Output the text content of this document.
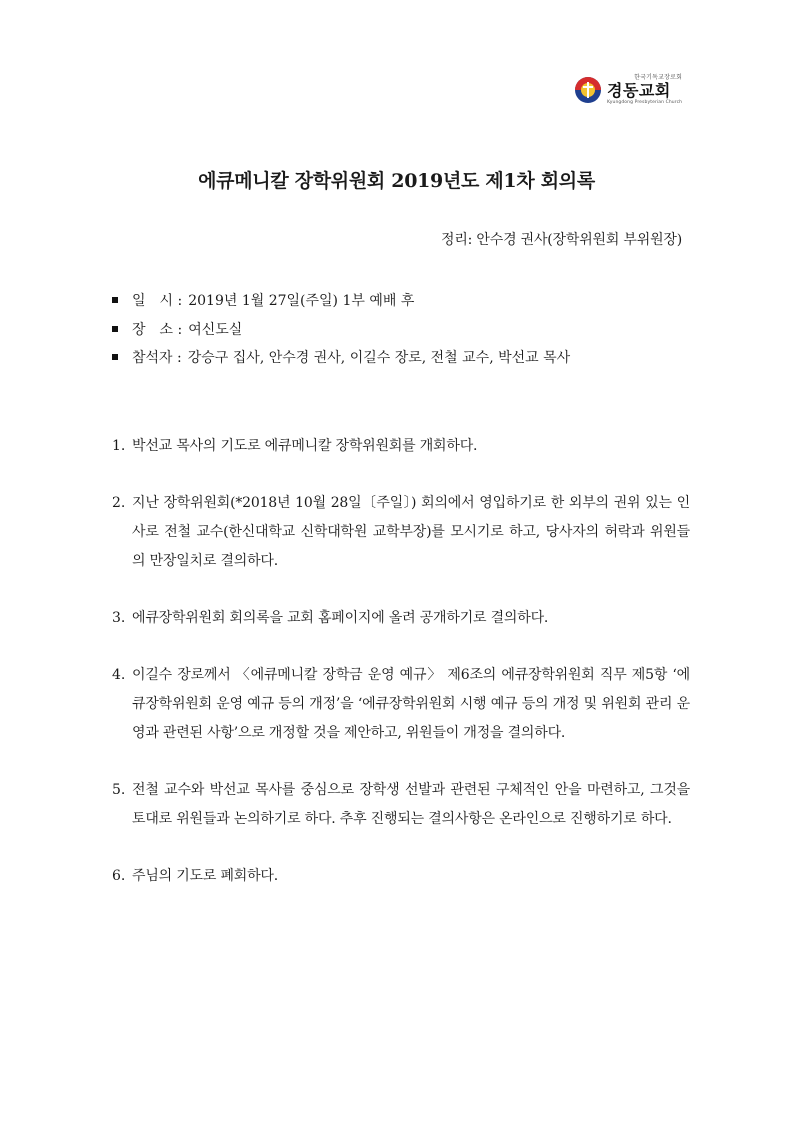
한국기독교장로회
경동교회
Kyungdong Presbyterian Church
에큐메니칼 장학위원회 2019년도 제1차 회의록
정리: 안수경 권사(장학위원회 부위원장)
일　시 : 2019년 1월 27일(주일) 1부 예배 후
장　소 : 여신도실
참석자 : 강승구 집사, 안수경 권사, 이길수 장로, 전철 교수, 박선교 목사
1. 박선교 목사의 기도로 에큐메니칼 장학위원회를 개회하다.
2. 지난 장학위원회(*2018년 10월 28일〔주일〕) 회의에서 영입하기로 한 외부의 권위 있는 인사로 전철 교수(한신대학교 신학대학원 교학부장)를 모시기로 하고, 당사자의 허락과 위원들의 만장일치로 결의하다.
3. 에큐장학위원회 회의록을 교회 홈페이지에 올려 공개하기로 결의하다.
4. 이길수 장로께서 〈에큐메니칼 장학금 운영 예규〉 제6조의 에큐장학위원회 직무 제5항 ‘에큐장학위원회 운영 예규 등의 개정’을 ‘에큐장학위원회 시행 예규 등의 개정 및 위원회 관리 운영과 관련된 사항’으로 개정할 것을 제안하고, 위원들이 개정을 결의하다.
5. 전철 교수와 박선교 목사를 중심으로 장학생 선발과 관련된 구체적인 안을 마련하고, 그것을 토대로 위원들과 논의하기로 하다. 추후 진행되는 결의사항은 온라인으로 진행하기로 하다.
6. 주님의 기도로 폐회하다.
